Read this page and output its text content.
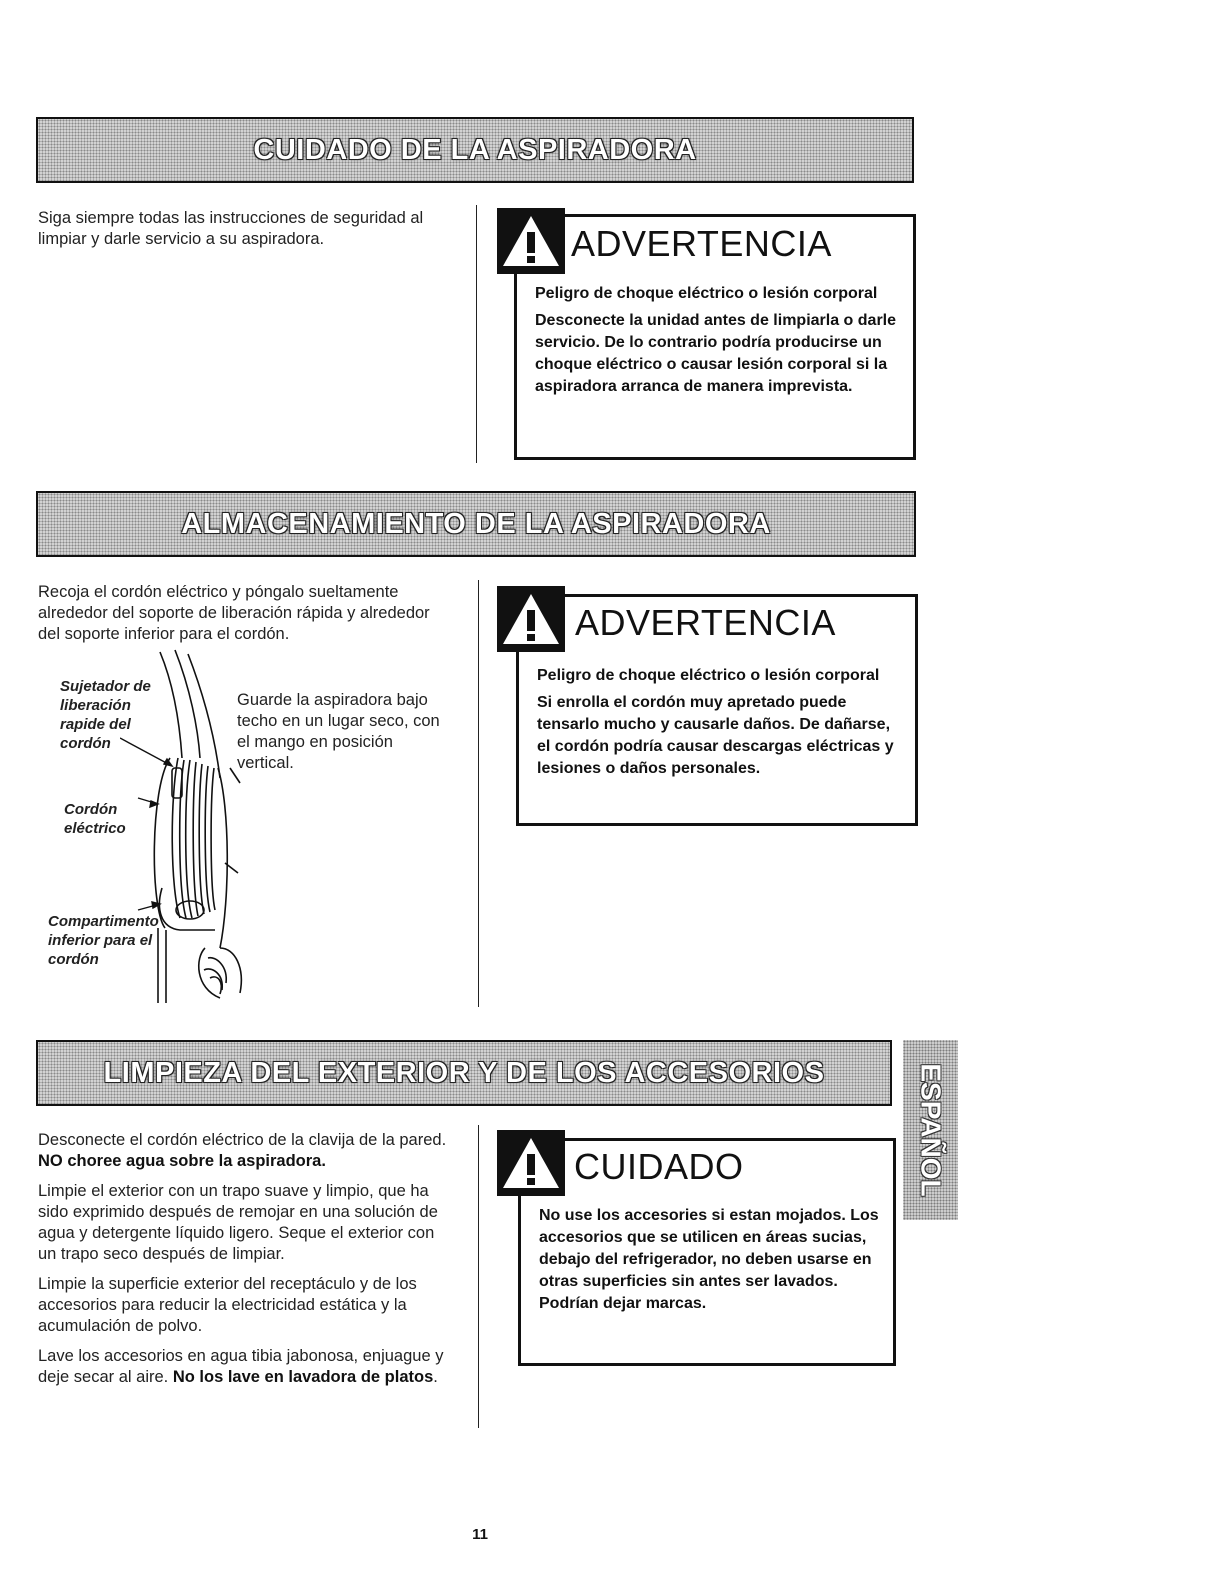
CUIDADO DE LA ASPIRADORA

Siga siempre todas las instrucciones de seguridad al limpiar y darle servicio a su aspiradora.

Peligro de choque eléctrico o lesión corporal

Desconecte la unidad antes de limpiarla o darle servicio. De lo contrario podría producirse un choque eléctrico o causar lesión corporal si la aspiradora arranca de manera imprevista.

ADVERTENCIA
ALMACENAMIENTO DE LA ASPIRADORA

Recoja el cordón eléctrico y póngalo sueltamente alrededor del soporte de liberación rápida y alrededor del soporte inferior para el cordón.

Sujetador de liberación rapide del cordón
Cordón eléctrico
Compartimento inferior para el cordón

Guarde la aspiradora bajo techo en un lugar seco, con el mango en posición vertical.

Peligro de choque eléctrico o lesión corporal

Si enrolla el cordón muy apretado puede tensarlo mucho y causarle daños. De dañarse, el cordón podría causar descargas eléctricas y lesiones o daños personales.

ADVERTENCIA
LIMPIEZA DEL EXTERIOR Y DE LOS ACCESORIOS	ESPAÑOL

Desconecte el cordón eléctrico de la clavija de la pared. NO choree agua sobre la aspiradora.

Limpie el exterior con un trapo suave y limpio, que ha sido exprimido después de remojar en una solución de agua y detergente líquido ligero. Seque el exterior con un trapo seco después de limpiar.

Limpie la superficie exterior del receptáculo y de los accesorios para reducir la electricidad estática y la acumulación de polvo.

Lave los accesorios en agua tibia jabonosa, enjuague y deje secar al aire. No los lave en lavadora de platos.

No use los accesories si estan mojados. Los accesorios que se utilicen en áreas sucias, debajo del refrigerador, no deben usarse en otras superficies sin antes ser lavados. Podrían dejar marcas.

CUIDADO
11
